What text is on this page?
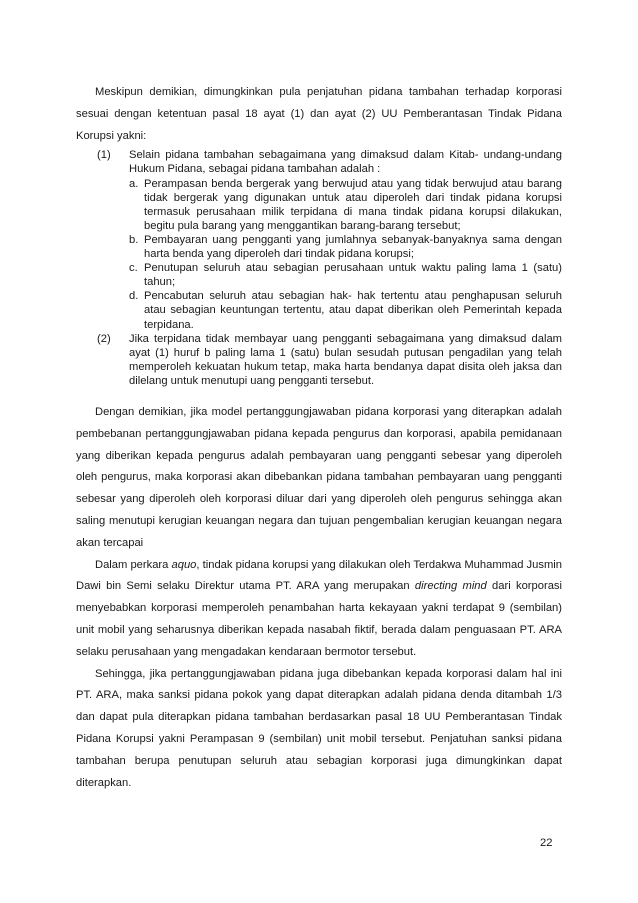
Meskipun demikian, dimungkinkan pula penjatuhan pidana tambahan terhadap korporasi sesuai dengan ketentuan pasal 18 ayat (1) dan ayat (2) UU Pemberantasan Tindak Pidana Korupsi yakni:

(1)	Selain pidana tambahan sebagaimana yang dimaksud dalam Kitab- undang-undang Hukum Pidana, sebagai pidana tambahan adalah :
a. Perampasan benda bergerak yang berwujud atau yang tidak berwujud atau barang tidak bergerak yang digunakan untuk atau diperoleh dari tindak pidana korupsi termasuk perusahaan milik terpidana di mana tindak pidana korupsi dilakukan, begitu pula barang yang menggantikan barang-barang tersebut;
b. Pembayaran uang pengganti yang jumlahnya sebanyak-banyaknya sama dengan harta benda yang diperoleh dari tindak pidana korupsi;
c. Penutupan seluruh atau sebagian perusahaan untuk waktu paling lama 1 (satu) tahun;
d. Pencabutan seluruh atau sebagian hak- hak tertentu atau penghapusan seluruh atau sebagian keuntungan tertentu, atau dapat diberikan oleh Pemerintah kepada terpidana.
(2)	Jika terpidana tidak membayar uang pengganti sebagaimana yang dimaksud dalam ayat (1) huruf b paling lama 1 (satu) bulan sesudah putusan pengadilan yang telah memperoleh kekuatan hukum tetap, maka harta bendanya dapat disita oleh jaksa dan dilelang untuk menutupi uang pengganti tersebut.

Dengan demikian, jika model pertanggungjawaban pidana korporasi yang diterapkan adalah pembebanan pertanggungjawaban pidana kepada pengurus dan korporasi, apabila pemidanaan yang diberikan kepada pengurus adalah pembayaran uang pengganti sebesar yang diperoleh oleh pengurus, maka korporasi akan dibebankan pidana tambahan pembayaran uang pengganti sebesar yang diperoleh oleh korporasi diluar dari yang diperoleh oleh pengurus sehingga akan saling menutupi kerugian keuangan negara dan tujuan pengembalian kerugian keuangan negara akan tercapai

Dalam perkara aquo, tindak pidana korupsi yang dilakukan oleh Terdakwa Muhammad Jusmin Dawi bin Semi selaku Direktur utama PT. ARA yang merupakan directing mind dari korporasi menyebabkan korporasi memperoleh penambahan harta kekayaan yakni terdapat 9 (sembilan) unit mobil yang seharusnya diberikan kepada nasabah fiktif, berada dalam penguasaan PT. ARA selaku perusahaan yang mengadakan kendaraan bermotor tersebut.

Sehingga, jika pertanggungjawaban pidana juga dibebankan kepada korporasi dalam hal ini PT. ARA, maka sanksi pidana pokok yang dapat diterapkan adalah pidana denda ditambah 1/3 dan dapat pula diterapkan pidana tambahan berdasarkan pasal 18 UU Pemberantasan Tindak Pidana Korupsi yakni Perampasan 9 (sembilan) unit mobil tersebut. Penjatuhan sanksi pidana tambahan berupa penutupan seluruh atau sebagian korporasi juga dimungkinkan dapat diterapkan.

22
